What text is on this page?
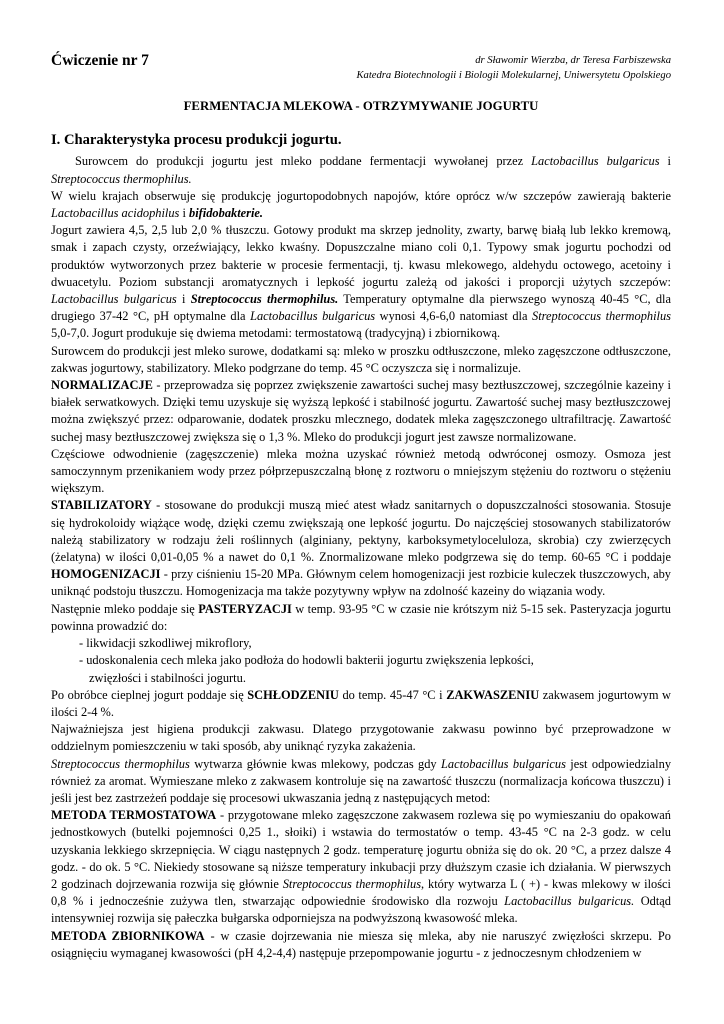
Ćwiczenie nr 7	dr Sławomir Wierzba, dr Teresa Farbiszewska
Katedra Biotechnologii i Biologii Molekularnej, Uniwersytetu Opolskiego
FERMENTACJA MLEKOWA - OTRZYMYWANIE JOGURTU
I. Charakterystyka procesu produkcji jogurtu.

Surowcem do produkcji jogurtu jest mleko poddane fermentacji wywołanej przez Lactobacillus bulgaricus i Streptococcus thermophilus.

W wielu krajach obserwuje się produkcję jogurtopodobnych napojów, które oprócz w/w szczepów zawierają bakterie Lactobacillus acidophilus i bifidobakterie.

Jogurt zawiera 4,5, 2,5 lub 2,0 % tłuszczu. Gotowy produkt ma skrzep jednolity, zwarty, barwę białą lub lekko kremową, smak i zapach czysty, orzeźwiający, lekko kwaśny. Dopuszczalne miano coli 0,1. Typowy smak jogurtu pochodzi od produktów wytworzonych przez bakterie w procesie fermentacji, tj. kwasu mlekowego, aldehydu octowego, acetoiny i dwuacetylu. Poziom substancji aromatycznych i lepkość jogurtu zależą od jakości i proporcji użytych szczepów: Lactobacillus bulgaricus i Streptococcus thermophilus. Temperatury optymalne dla pierwszego wynoszą 40-45 °C, dla drugiego 37-42 °C, pH optymalne dla Lactobacillus bulgaricus wynosi 4,6-6,0 natomiast dla Streptococcus thermophilus 5,0-7,0. Jogurt produkuje się dwiema metodami: termostatową (tradycyjną) i zbiornikową.

Surowcem do produkcji jest mleko surowe, dodatkami są: mleko w proszku odtłuszczone, mleko zagęszczone odtłuszczone, zakwas jogurtowy, stabilizatory. Mleko podgrzane do temp. 45 °C oczyszcza się i normalizuje.

NORMALIZACJE - przeprowadza się poprzez zwiększenie zawartości suchej masy beztłuszczowej, szczególnie kazeiny i białek serwatkowych. Dzięki temu uzyskuje się wyższą lepkość i stabilność jogurtu. Zawartość suchej masy beztłuszczowej można zwiększyć przez: odparowanie, dodatek proszku mlecznego, dodatek mleka zagęszczonego ultrafiltrację. Zawartość suchej masy beztłuszczowej zwiększa się o 1,3 %. Mleko do produkcji jogurt jest zawsze normalizowane.

Częściowe odwodnienie (zagęszczenie) mleka można uzyskać również metodą odwróconej osmozy. Osmoza jest samoczynnym przenikaniem wody przez półprzepuszczalną błonę z roztworu o mniejszym stężeniu do roztworu o stężeniu większym.

STABILIZATORY - stosowane do produkcji muszą mieć atest władz sanitarnych o dopuszczalności stosowania. Stosuje się hydrokoloidy wiążące wodę, dzięki czemu zwiększają one lepkość jogurtu. Do najczęściej stosowanych stabilizatorów należą stabilizatory w rodzaju żeli roślinnych (alginiany, pektyny, karboksymetyloceluloza, skrobia) czy zwierzęcych (żelatyna) w ilości 0,01-0,05 % a nawet do 0,1 %. Znormalizowane mleko podgrzewa się do temp. 60-65 °C i poddaje HOMOGENIZACJI - przy ciśnieniu 15-20 MPa. Głównym celem homogenizacji jest rozbicie kuleczek tłuszczowych, aby uniknąć podstoju tłuszczu. Homogenizacja ma także pozytywny wpływ na zdolność kazeiny do wiązania wody.

Następnie mleko poddaje się PASTERYZACJI w temp. 93-95 °C w czasie nie krótszym niż 5-15 sek. Pasteryzacja jogurtu powinna prowadzić do:

- likwidacji szkodliwej mikroflory,
- udoskonalenia cech mleka jako podłoża do hodowli bakterii jogurtu zwiększenia lepkości,
zwięzłości i stabilności jogurtu.

Po obróbce cieplnej jogurt poddaje się SCHŁODZENIU do temp. 45-47 °C i ZAKWASZENIU zakwasem jogurtowym w ilości 2-4 %.

Najważniejsza jest higiena produkcji zakwasu. Dlatego przygotowanie zakwasu powinno być przeprowadzone w oddzielnym pomieszczeniu w taki sposób, aby uniknąć ryzyka zakażenia.

Streptococcus thermophilus wytwarza głównie kwas mlekowy, podczas gdy Lactobacillus bulgaricus jest odpowiedzialny również za aromat. Wymieszane mleko z zakwasem kontroluje się na zawartość tłuszczu (normalizacja końcowa tłuszczu) i jeśli jest bez zastrzeżeń poddaje się procesowi ukwaszania jedną z następujących metod:

METODA TERMOSTATOWA - przygotowane mleko zagęszczone zakwasem rozlewa się po wymieszaniu do opakowań jednostkowych (butelki pojemności 0,25 1., słoiki) i wstawia do termostatów o temp. 43-45 °C na 2-3 godz. w celu uzyskania lekkiego skrzepnięcia. W ciągu następnych 2 godz. temperaturę jogurtu obniża się do ok. 20 °C, a przez dalsze 4 godz. - do ok. 5 °C. Niekiedy stosowane są niższe temperatury inkubacji przy dłuższym czasie ich działania. W pierwszych 2 godzinach dojrzewania rozwija się głównie Streptococcus thermophilus, który wytwarza L ( +) - kwas mlekowy w ilości 0,8 % i jednocześnie zużywa tlen, stwarzając odpowiednie środowisko dla rozwoju Lactobacillus bulgaricus. Odtąd intensywniej rozwija się pałeczka bułgarska odporniejsza na podwyższoną kwasowość mleka.

METODA ZBIORNIKOWA - w czasie dojrzewania nie miesza się mleka, aby nie naruszyć zwięzłości skrzepu. Po osiągnięciu wymaganej kwasowości (pH 4,2-4,4) następuje przepompowanie jogurtu - z jednoczesnym chłodzeniem w
